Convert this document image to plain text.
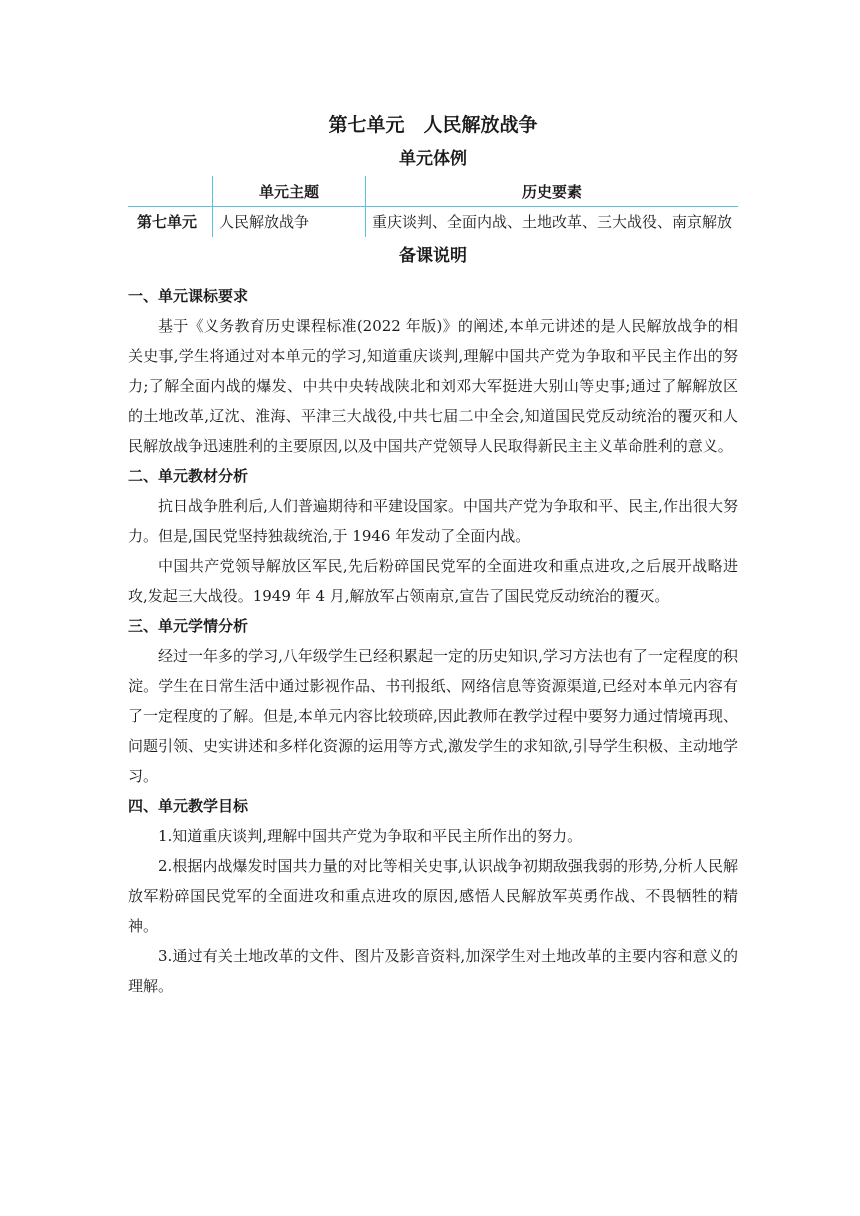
第七单元　人民解放战争
单元体例
	单元主题	历史要素
第七单元	人民解放战争	重庆谈判、全面内战、土地改革、三大战役、南京解放
备课说明
一、单元课标要求

基于《义务教育历史课程标准(2022 年版)》的阐述,本单元讲述的是人民解放战争的相关史事,学生将通过对本单元的学习,知道重庆谈判,理解中国共产党为争取和平民主作出的努力;了解全面内战的爆发、中共中央转战陕北和刘邓大军挺进大别山等史事;通过了解解放区的土地改革,辽沈、淮海、平津三大战役,中共七届二中全会,知道国民党反动统治的覆灭和人民解放战争迅速胜利的主要原因,以及中国共产党领导人民取得新民主主义革命胜利的意义。

二、单元教材分析

抗日战争胜利后,人们普遍期待和平建设国家。中国共产党为争取和平、民主,作出很大努力。但是,国民党坚持独裁统治,于 1946 年发动了全面内战。

中国共产党领导解放区军民,先后粉碎国民党军的全面进攻和重点进攻,之后展开战略进攻,发起三大战役。1949 年 4 月,解放军占领南京,宣告了国民党反动统治的覆灭。

三、单元学情分析

经过一年多的学习,八年级学生已经积累起一定的历史知识,学习方法也有了一定程度的积淀。学生在日常生活中通过影视作品、书刊报纸、网络信息等资源渠道,已经对本单元内容有了一定程度的了解。但是,本单元内容比较琐碎,因此教师在教学过程中要努力通过情境再现、问题引领、史实讲述和多样化资源的运用等方式,激发学生的求知欲,引导学生积极、主动地学习。

四、单元教学目标

1.知道重庆谈判,理解中国共产党为争取和平民主所作出的努力。

2.根据内战爆发时国共力量的对比等相关史事,认识战争初期敌强我弱的形势,分析人民解放军粉碎国民党军的全面进攻和重点进攻的原因,感悟人民解放军英勇作战、不畏牺牲的精神。

3.通过有关土地改革的文件、图片及影音资料,加深学生对土地改革的主要内容和意义的理解。
